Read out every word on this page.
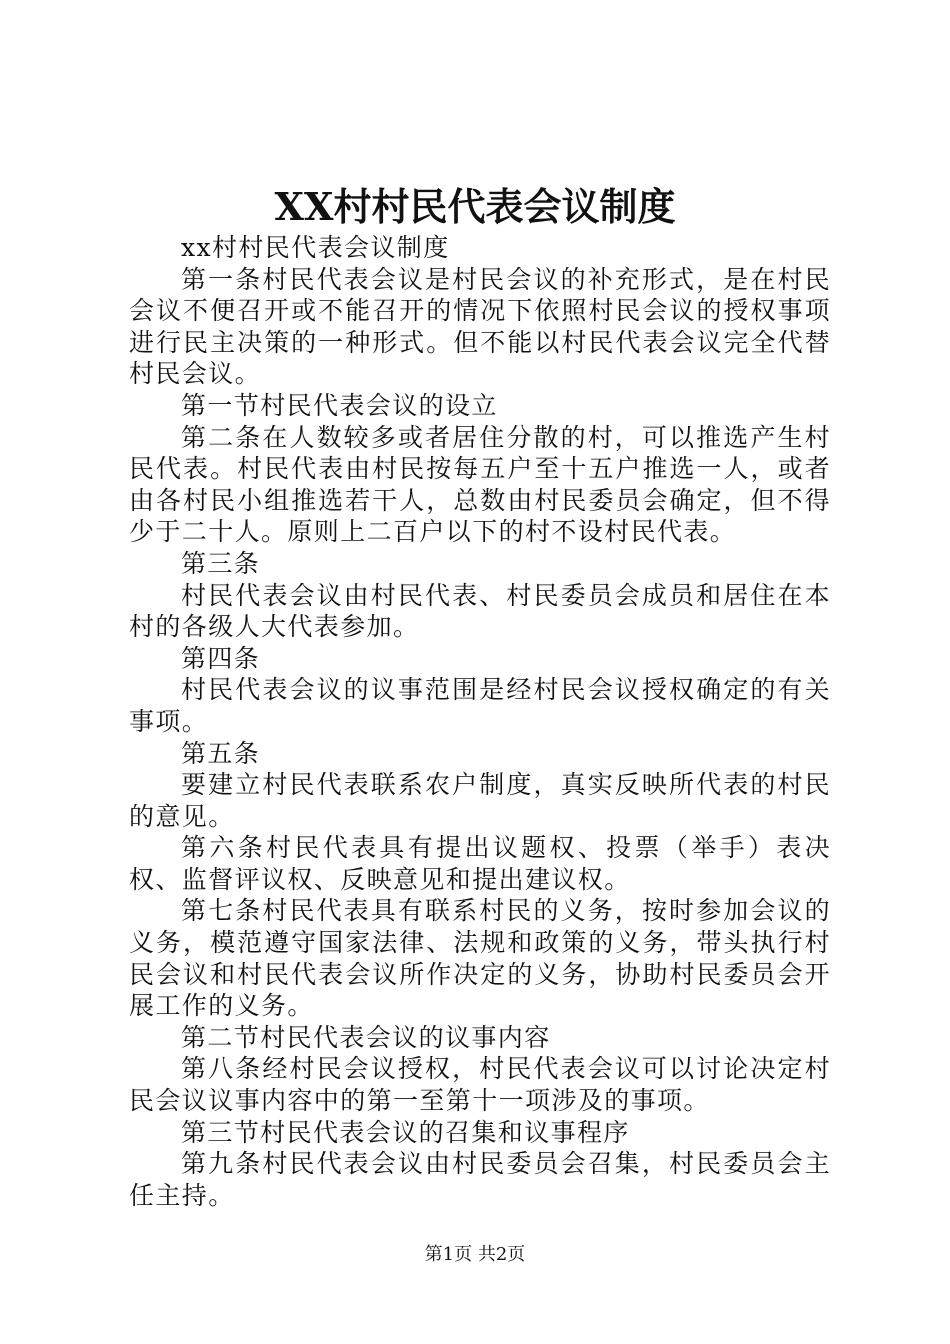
XX村村民代表会议制度

xx村村民代表会议制度

第一条村民代表会议是村民会议的补充形式，是在村民会议不便召开或不能召开的情况下依照村民会议的授权事项进行民主决策的一种形式。但不能以村民代表会议完全代替村民会议。

第一节村民代表会议的设立

第二条在人数较多或者居住分散的村，可以推选产生村民代表。村民代表由村民按每五户至十五户推选一人，或者由各村民小组推选若干人，总数由村民委员会确定，但不得少于二十人。原则上二百户以下的村不设村民代表。

第三条

村民代表会议由村民代表、村民委员会成员和居住在本村的各级人大代表参加。

第四条

村民代表会议的议事范围是经村民会议授权确定的有关事项。

第五条

要建立村民代表联系农户制度，真实反映所代表的村民的意见。

第六条村民代表具有提出议题权、投票（举手）表决权、监督评议权、反映意见和提出建议权。

第七条村民代表具有联系村民的义务，按时参加会议的义务，模范遵守国家法律、法规和政策的义务，带头执行村民会议和村民代表会议所作决定的义务，协助村民委员会开展工作的义务。

第二节村民代表会议的议事内容

第八条经村民会议授权，村民代表会议可以讨论决定村民会议议事内容中的第一至第十一项涉及的事项。

第三节村民代表会议的召集和议事程序

第九条村民代表会议由村民委员会召集，村民委员会主任主持。

第1页 共2页
